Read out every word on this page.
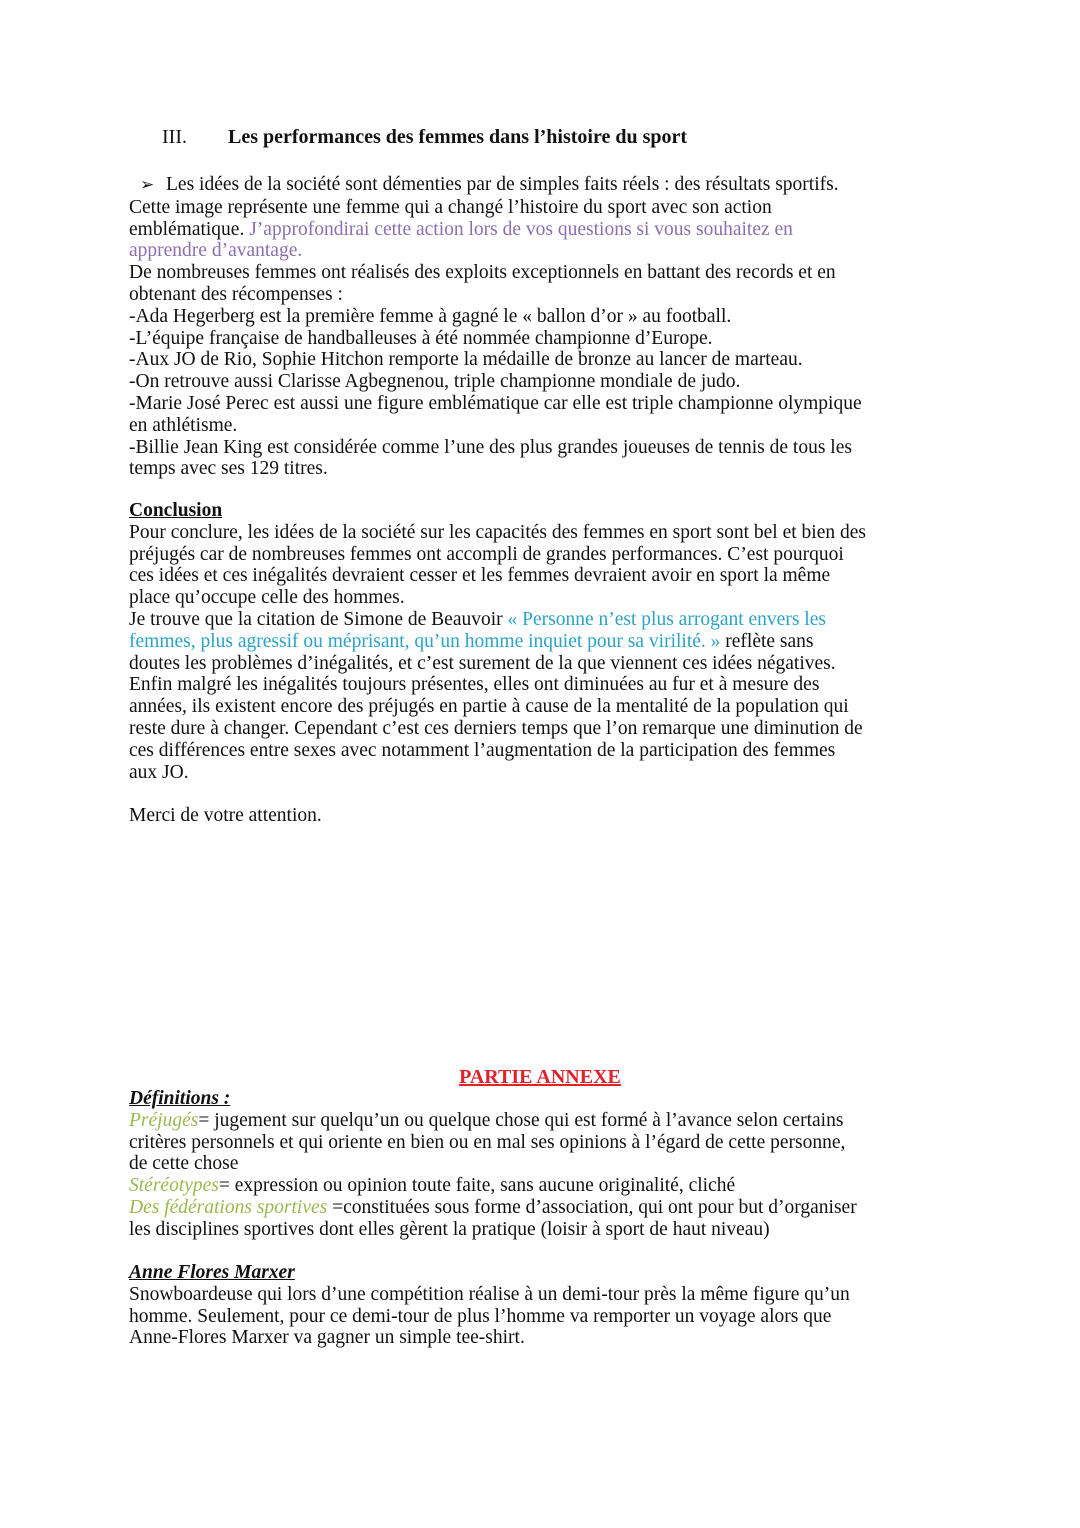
III. Les performances des femmes dans l’histoire du sport
➢ Les idées de la société sont démenties par de simples faits réels : des résultats sportifs.
Cette image représente une femme qui a changé l’histoire du sport avec son action
emblématique. J’approfondirai cette action lors de vos questions si vous souhaitez en
apprendre d’avantage.
De nombreuses femmes ont réalisés des exploits exceptionnels en battant des records et en
obtenant des récompenses :
-Ada Hegerberg est la première femme à gagné le « ballon d’or » au football.
-L’équipe française de handballeuses à été nommée championne d’Europe.
-Aux JO de Rio, Sophie Hitchon remporte la médaille de bronze au lancer de marteau.
-On retrouve aussi Clarisse Agbegnenou, triple championne mondiale de judo.
-Marie José Perec est aussi une figure emblématique car elle est triple championne olympique
en athlétisme.
-Billie Jean King est considérée comme l’une des plus grandes joueuses de tennis de tous les
temps avec ses 129 titres.
Conclusion
Pour conclure, les idées de la société sur les capacités des femmes en sport sont bel et bien des
préjugés car de nombreuses femmes ont accompli de grandes performances. C’est pourquoi
ces idées et ces inégalités devraient cesser et les femmes devraient avoir en sport la même
place qu’occupe celle des hommes.
Je trouve que la citation de Simone de Beauvoir « Personne n’est plus arrogant envers les
femmes, plus agressif ou méprisant, qu’un homme inquiet pour sa virilité. » reflète sans
doutes les problèmes d’inégalités, et c’est surement de la que viennent ces idées négatives.
Enfin malgré les inégalités toujours présentes, elles ont diminuées au fur et à mesure des
années, ils existent encore des préjugés en partie à cause de la mentalité de la population qui
reste dure à changer. Cependant c’est ces derniers temps que l’on remarque une diminution de
ces différences entre sexes avec notamment l’augmentation de la participation des femmes
aux JO.
Merci de votre attention.
PARTIE ANNEXE
Définitions :
Préjugés= jugement sur quelqu’un ou quelque chose qui est formé à l’avance selon certains
critères personnels et qui oriente en bien ou en mal ses opinions à l’égard de cette personne,
de cette chose
Stéréotypes= expression ou opinion toute faite, sans aucune originalité, cliché
Des fédérations sportives =constituées sous forme d’association, qui ont pour but d’organiser
les disciplines sportives dont elles gèrent la pratique (loisir à sport de haut niveau)
Anne Flores Marxer
Snowboardeuse qui lors d’une compétition réalise à un demi-tour près la même figure qu’un
homme. Seulement, pour ce demi-tour de plus l’homme va remporter un voyage alors que
Anne-Flores Marxer va gagner un simple tee-shirt.
